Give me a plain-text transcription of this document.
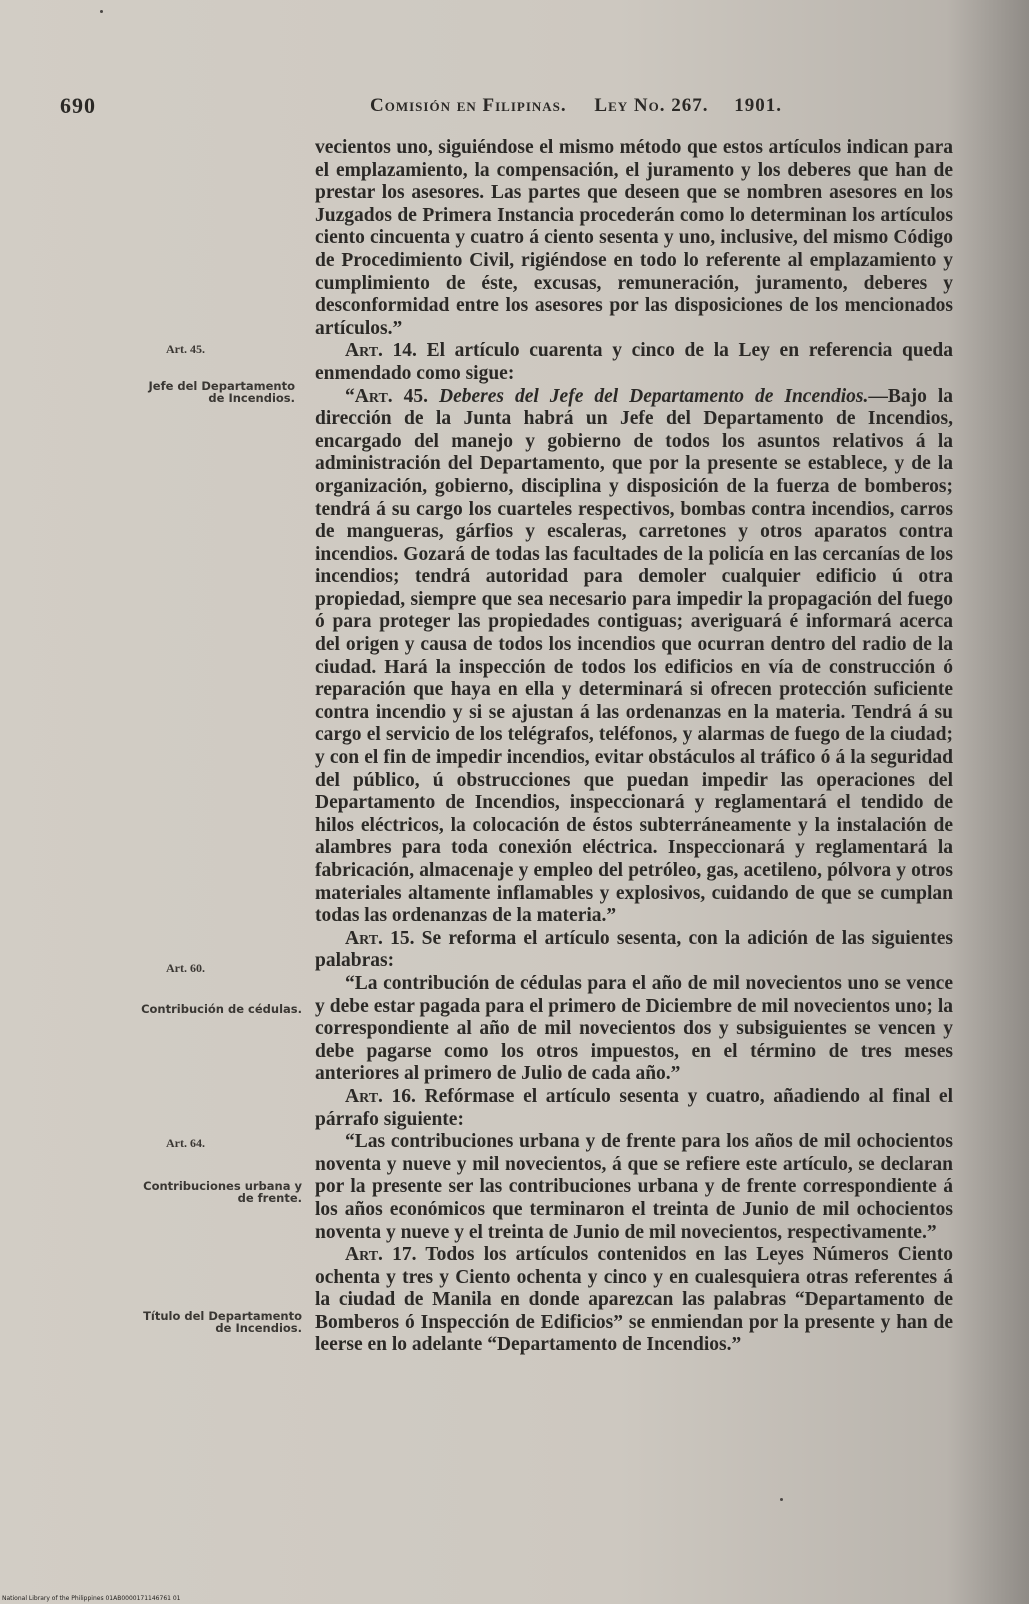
690	Comisión en Filipinas. Ley No. 267. 1901.
Art. 45.
Jefe del Departamento de Incendios.
Art. 60.
Contribución de cédulas.
Art. 64.
Contribuciones urbana y de frente.
Título del Departamento de Incendios.

vecientos uno, siguiéndose el mismo método que estos artículos indican para el emplazamiento, la compensación, el juramento y los deberes que han de prestar los asesores. Las partes que deseen que se nombren asesores en los Juzgados de Primera Instancia procederán como lo determinan los artículos ciento cincuenta y cuatro á ciento sesenta y uno, inclusive, del mismo Código de Procedimiento Civil, rigiéndose en todo lo referente al emplazamiento y cumplimiento de éste, excusas, remuneración, juramento, deberes y desconformidad entre los asesores por las disposiciones de los mencionados artículos.”

Art. 14. El artículo cuarenta y cinco de la Ley en referencia queda enmendado como sigue:

“Art. 45. Deberes del Jefe del Departamento de Incendios.—Bajo la dirección de la Junta habrá un Jefe del Departamento de Incendios, encargado del manejo y gobierno de todos los asuntos relativos á la administración del Departamento, que por la presente se establece, y de la organización, gobierno, disciplina y disposición de la fuerza de bomberos; tendrá á su cargo los cuarteles respectivos, bombas contra incendios, carros de mangueras, gárfios y escaleras, carretones y otros aparatos contra incendios. Gozará de todas las facultades de la policía en las cercanías de los incendios; tendrá autoridad para demoler cualquier edificio ú otra propiedad, siempre que sea necesario para impedir la propagación del fuego ó para proteger las propiedades contiguas; averiguará é informará acerca del origen y causa de todos los incendios que ocurran dentro del radio de la ciudad. Hará la inspección de todos los edificios en vía de construcción ó reparación que haya en ella y determinará si ofrecen protección suficiente contra incendio y si se ajustan á las ordenanzas en la materia. Tendrá á su cargo el servicio de los telégrafos, teléfonos, y alarmas de fuego de la ciudad; y con el fin de impedir incendios, evitar obstáculos al tráfico ó á la seguridad del público, ú obstrucciones que puedan impedir las operaciones del Departamento de Incendios, inspeccionará y reglamentará el tendido de hilos eléctricos, la colocación de éstos subterráneamente y la instalación de alambres para toda conexión eléctrica. Inspeccionará y reglamentará la fabricación, almacenaje y empleo del petróleo, gas, acetileno, pólvora y otros materiales altamente inflamables y explosivos, cuidando de que se cumplan todas las ordenanzas de la materia.”

Art. 15. Se reforma el artículo sesenta, con la adición de las siguientes palabras:

“La contribución de cédulas para el año de mil novecientos uno se vence y debe estar pagada para el primero de Diciembre de mil novecientos uno; la correspondiente al año de mil novecientos dos y subsiguientes se vencen y debe pagarse como los otros impuestos, en el término de tres meses anteriores al primero de Julio de cada año.”

Art. 16. Refórmase el artículo sesenta y cuatro, añadiendo al final el párrafo siguiente:

“Las contribuciones urbana y de frente para los años de mil ochocientos noventa y nueve y mil novecientos, á que se refiere este artículo, se declaran por la presente ser las contribuciones urbana y de frente correspondiente á los años económicos que terminaron el treinta de Junio de mil ochocientos noventa y nueve y el treinta de Junio de mil novecientos, respectivamente.”

Art. 17. Todos los artículos contenidos en las Leyes Números Ciento ochenta y tres y Ciento ochenta y cinco y en cualesquiera otras referentes á la ciudad de Manila en donde aparezcan las palabras “Departamento de Bomberos ó Inspección de Edificios” se enmiendan por la presente y han de leerse en lo adelante “Departamento de Incendios.”

National Library of the Philippines 01AB0000171146761 01
